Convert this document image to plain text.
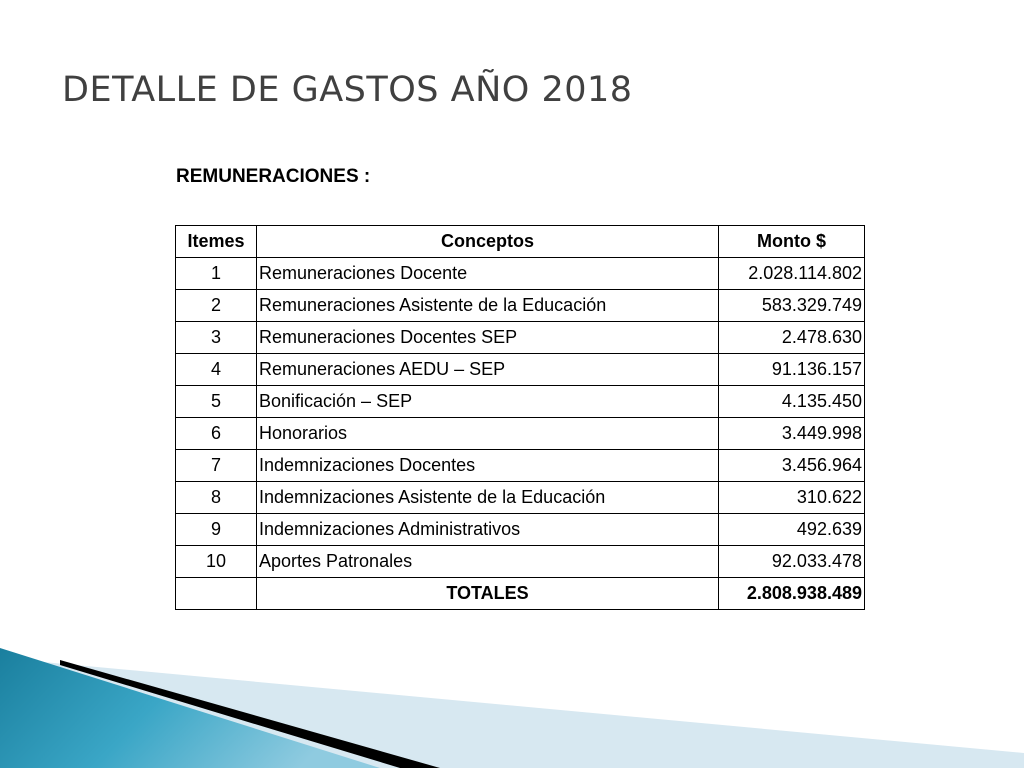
DETALLE DE GASTOS AÑO 2018
REMUNERACIONES :
Itemes	Conceptos	Monto $
1	Remuneraciones Docente	2.028.114.802
2	Remuneraciones Asistente de la Educación	583.329.749
3	Remuneraciones Docentes SEP	2.478.630
4	Remuneraciones AEDU – SEP	91.136.157
5	Bonificación – SEP	4.135.450
6	Honorarios	3.449.998
7	Indemnizaciones Docentes	3.456.964
8	Indemnizaciones Asistente de la Educación	310.622
9	Indemnizaciones Administrativos	492.639
10	Aportes Patronales	92.033.478
	TOTALES	2.808.938.489
